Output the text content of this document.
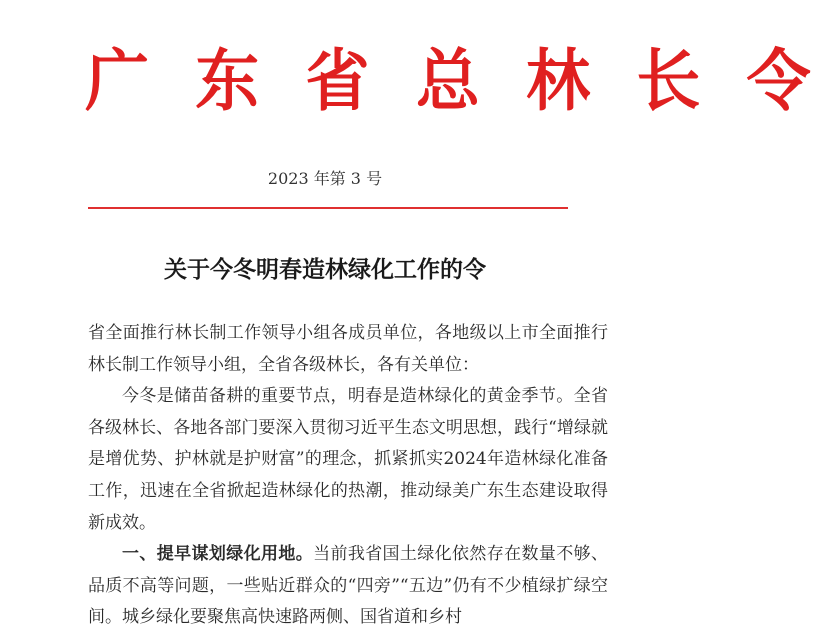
广 东 省 总 林 长 令
2023 年第 3 号
关于今冬明春造林绿化工作的令

省全面推行林长制工作领导小组各成员单位，各地级以上市全面推行林长制工作领导小组，全省各级林长，各有关单位：

今冬是储苗备耕的重要节点，明春是造林绿化的黄金季节。全省各级林长、各地各部门要深入贯彻习近平生态文明思想，践行“增绿就是增优势、护林就是护财富”的理念，抓紧抓实2024年造林绿化准备工作，迅速在全省掀起造林绿化的热潮，推动绿美广东生态建设取得新成效。

一、提早谋划绿化用地。当前我省国土绿化依然存在数量不够、品质不高等问题，一些贴近群众的“四旁”“五边”仍有不少植绿扩绿空间。城乡绿化要聚焦高快速路两侧、国省道和乡村
